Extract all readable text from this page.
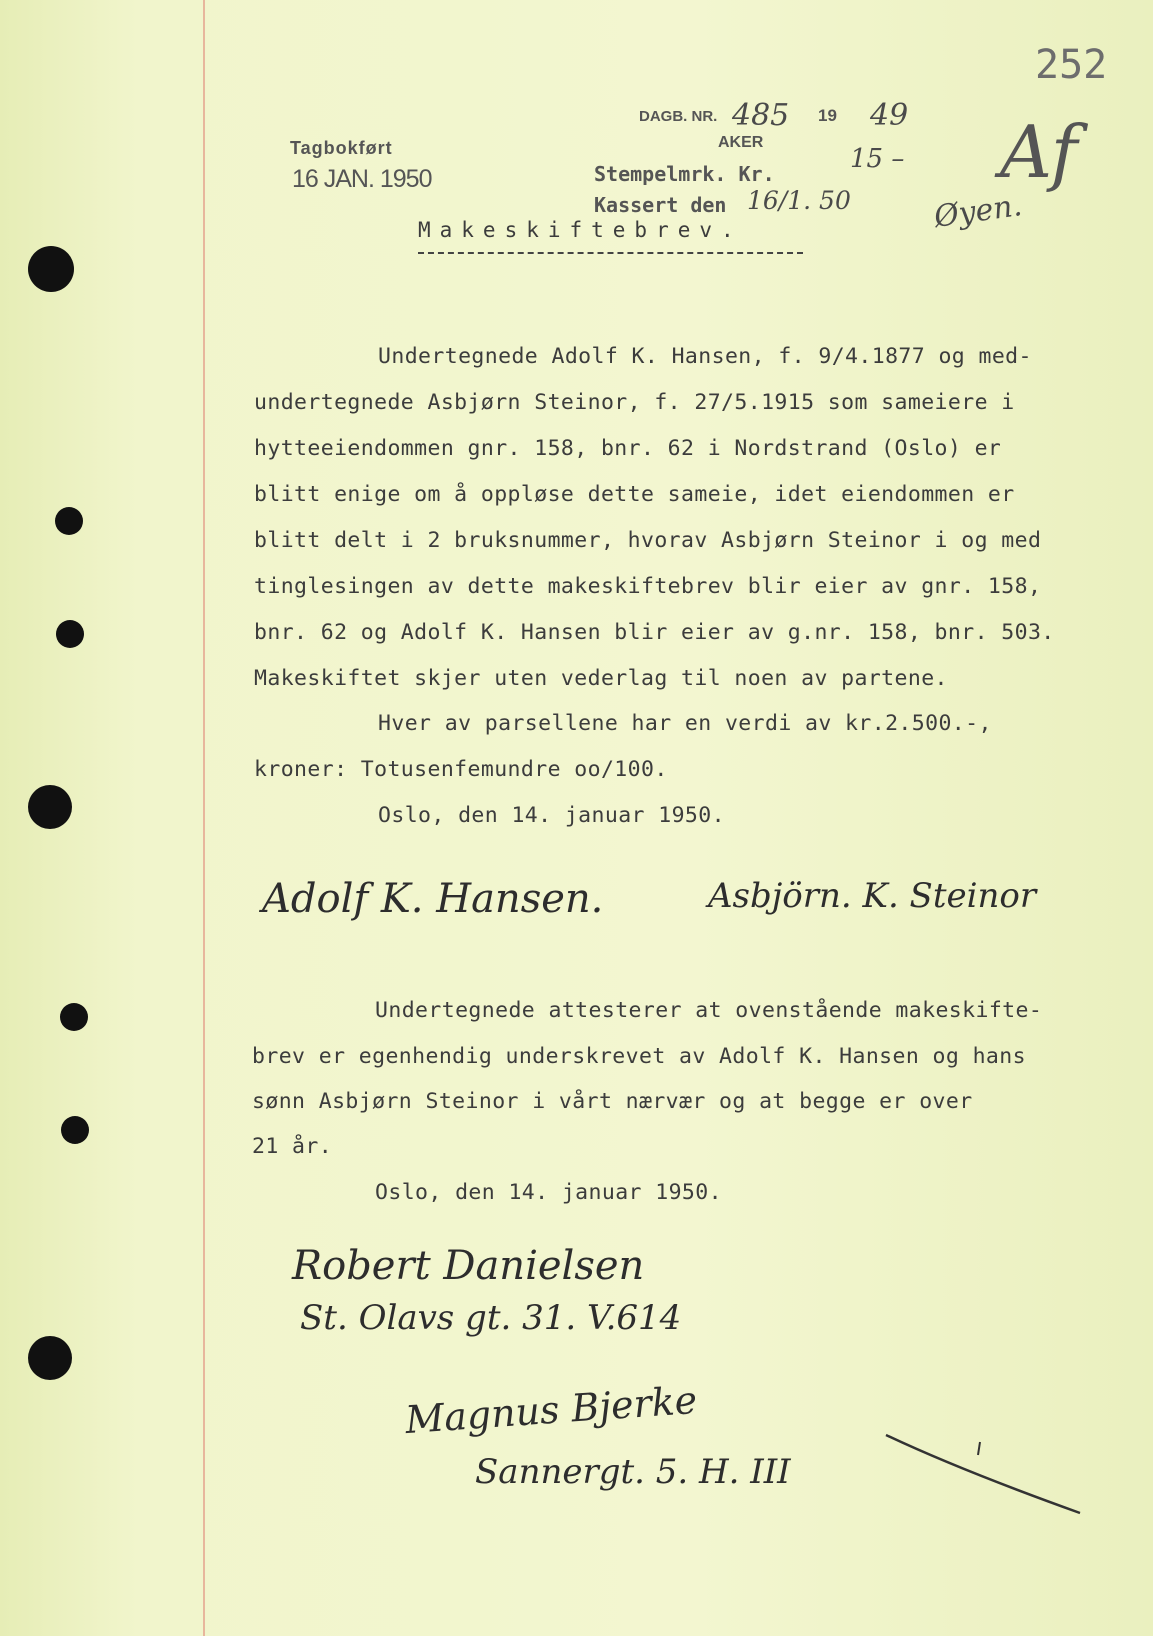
252
Tagbokført
16 JAN. 1950
DAGB. NR. 485 19 49
AKER
Stempelmrk. Kr.	15 –
Kassert den 16/1. 50	Øyen.
Af
Makeskiftebrev.
Undertegnede Adolf K. Hansen, f. 9/4.1877 og med-
undertegnede Asbjørn Steinor, f. 27/5.1915 som sameiere i
hytteeiendommen gnr. 158, bnr. 62 i Nordstrand (Oslo) er
blitt enige om å oppløse dette sameie, idet eiendommen er
blitt delt i 2 bruksnummer, hvorav Asbjørn Steinor i og med
tinglesingen av dette makeskiftebrev blir eier av gnr. 158,
bnr. 62 og Adolf K. Hansen blir eier av g.nr. 158, bnr. 503.
Makeskiftet skjer uten vederlag til noen av partene.
Hver av parsellene har en verdi av kr.2.500.-,
kroner: Totusenfemundre oo/100.
Oslo, den 14. januar 1950.
Adolf K. Hansen.	Asbjörn. K. Steinor
Undertegnede attesterer at ovenstående makeskifte-
brev er egenhendig underskrevet av Adolf K. Hansen og hans
sønn Asbjørn Steinor i vårt nærvær og at begge er over
21 år.
Oslo, den 14. januar 1950.
Robert Danielsen
St. Olavs gt. 31. V.614
Magnus Bjerke
Sannergt. 5. H. III
